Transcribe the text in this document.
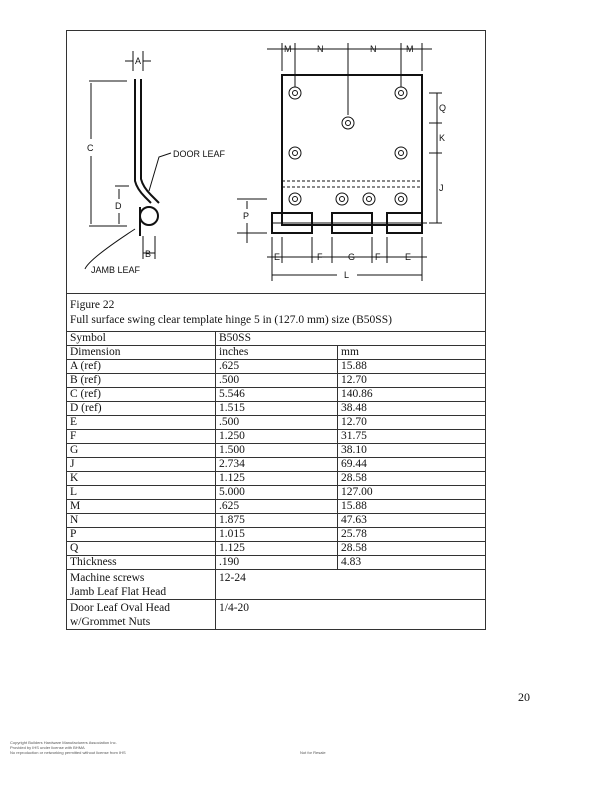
A
C
D
B
DOOR LEAF
JAMB LEAF
M	N	N	M
Q
K
J
P
E	F	G F	E
L
Figure 22
Full surface swing clear template hinge 5 in (127.0 mm) size (B50SS)
Symbol	B50SS	
Dimension	inches	mm
A (ref)	.625	15.88
B (ref)	.500	12.70
C (ref)	5.546	140.86
D (ref)	1.515	38.48
E	.500	12.70
F	1.250	31.75
G	1.500	38.10
J	2.734	69.44
K	1.125	28.58
L	5.000	127.00
M	.625	15.88
N	1.875	47.63
P	1.015	25.78
Q	1.125	28.58
Thickness	.190	4.83

Machine screws
Jamb Leaf Flat Head	12-24	

Door Leaf Oval Head
w/Grommet Nuts	1/4-20	
20
Copyright Builders Hardware Manufacturers Association Inc.
Provided by IHS under license with BHMA
No reproduction or networking permitted without license from IHS	Not for Resale
